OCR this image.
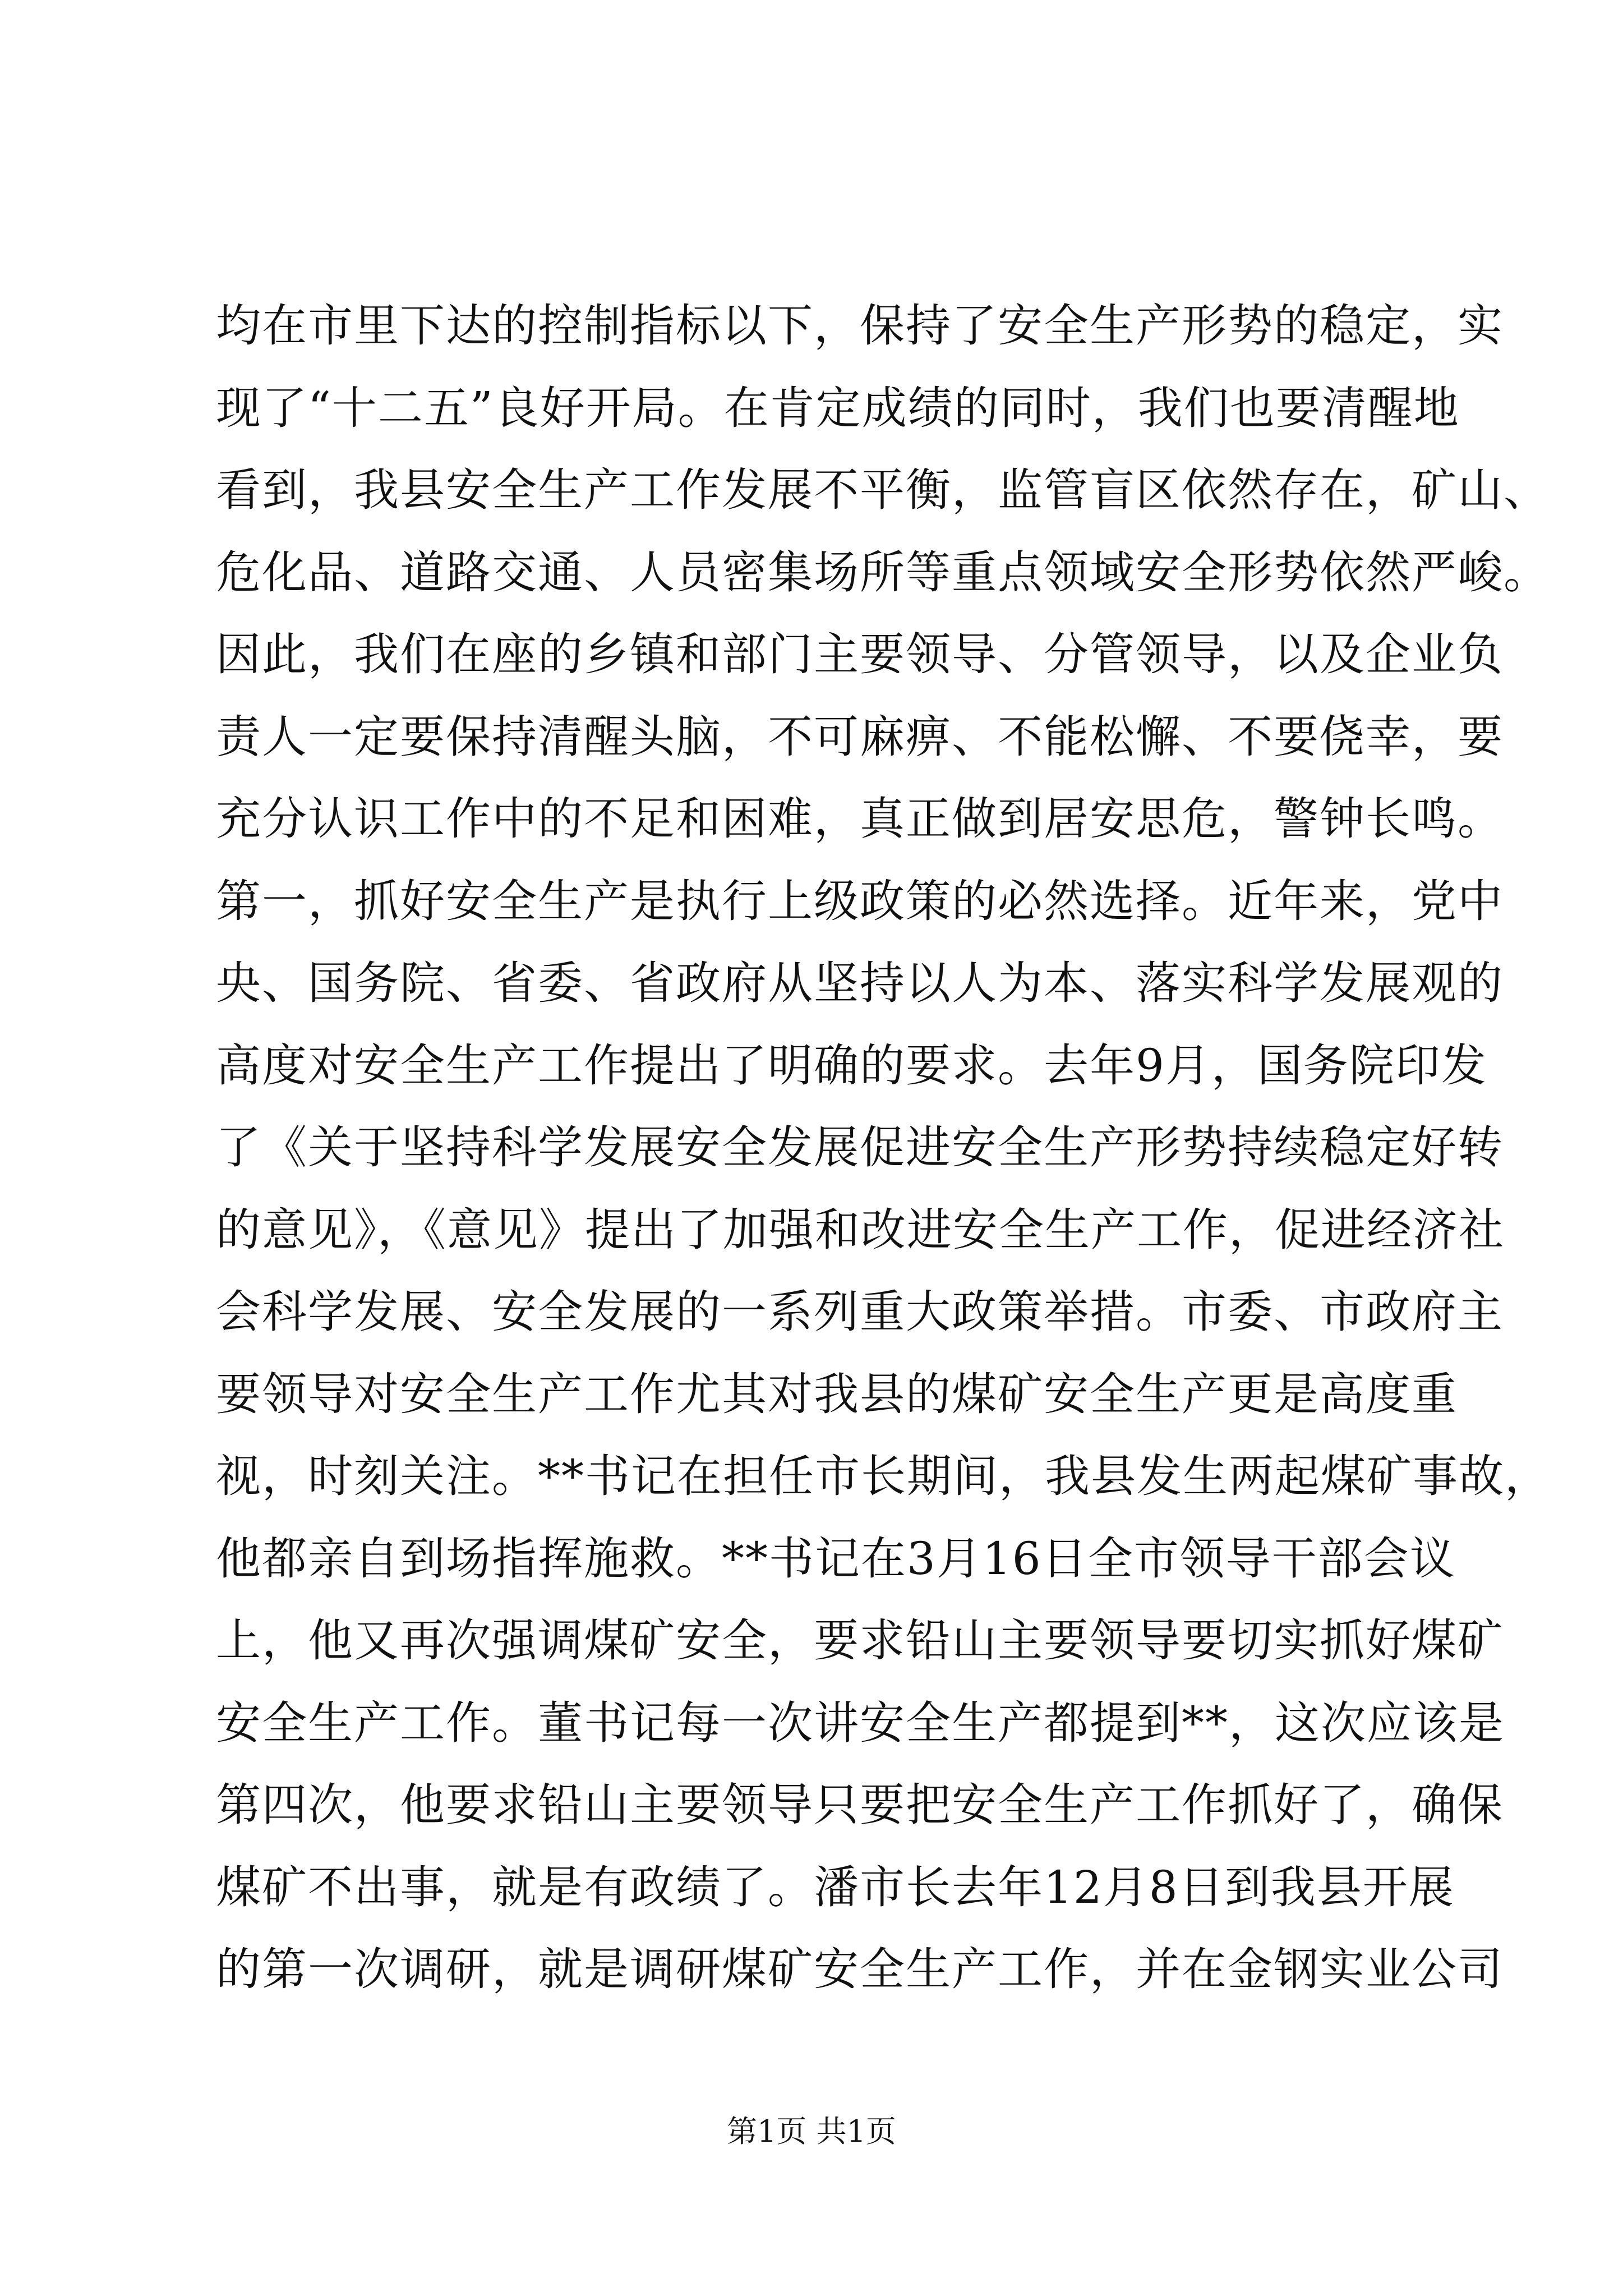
均在市里下达的控制指标以下，保持了安全生产形势的稳定，实
现了“十二五”良好开局。在肯定成绩的同时，我们也要清醒地
看到，我县安全生产工作发展不平衡，监管盲区依然存在，矿山、
危化品、道路交通、人员密集场所等重点领域安全形势依然严峻。
因此，我们在座的乡镇和部门主要领导、分管领导，以及企业负
责人一定要保持清醒头脑，不可麻痹、不能松懈、不要侥幸，要
充分认识工作中的不足和困难，真正做到居安思危，警钟长鸣。
第一，抓好安全生产是执行上级政策的必然选择。近年来，党中
央、国务院、省委、省政府从坚持以人为本、落实科学发展观的
高度对安全生产工作提出了明确的要求。去年9月，国务院印发
了《关于坚持科学发展安全发展促进安全生产形势持续稳定好转
的意见》，《意见》提出了加强和改进安全生产工作，促进经济社
会科学发展、安全发展的一系列重大政策举措。市委、市政府主
要领导对安全生产工作尤其对我县的煤矿安全生产更是高度重
视，时刻关注。**书记在担任市长期间，我县发生两起煤矿事故，
他都亲自到场指挥施救。**书记在3月16日全市领导干部会议
上，他又再次强调煤矿安全，要求铅山主要领导要切实抓好煤矿
安全生产工作。董书记每一次讲安全生产都提到**，这次应该是
第四次，他要求铅山主要领导只要把安全生产工作抓好了，确保
煤矿不出事，就是有政绩了。潘市长去年12月8日到我县开展
的第一次调研，就是调研煤矿安全生产工作，并在金钢实业公司
第1页 共1页
